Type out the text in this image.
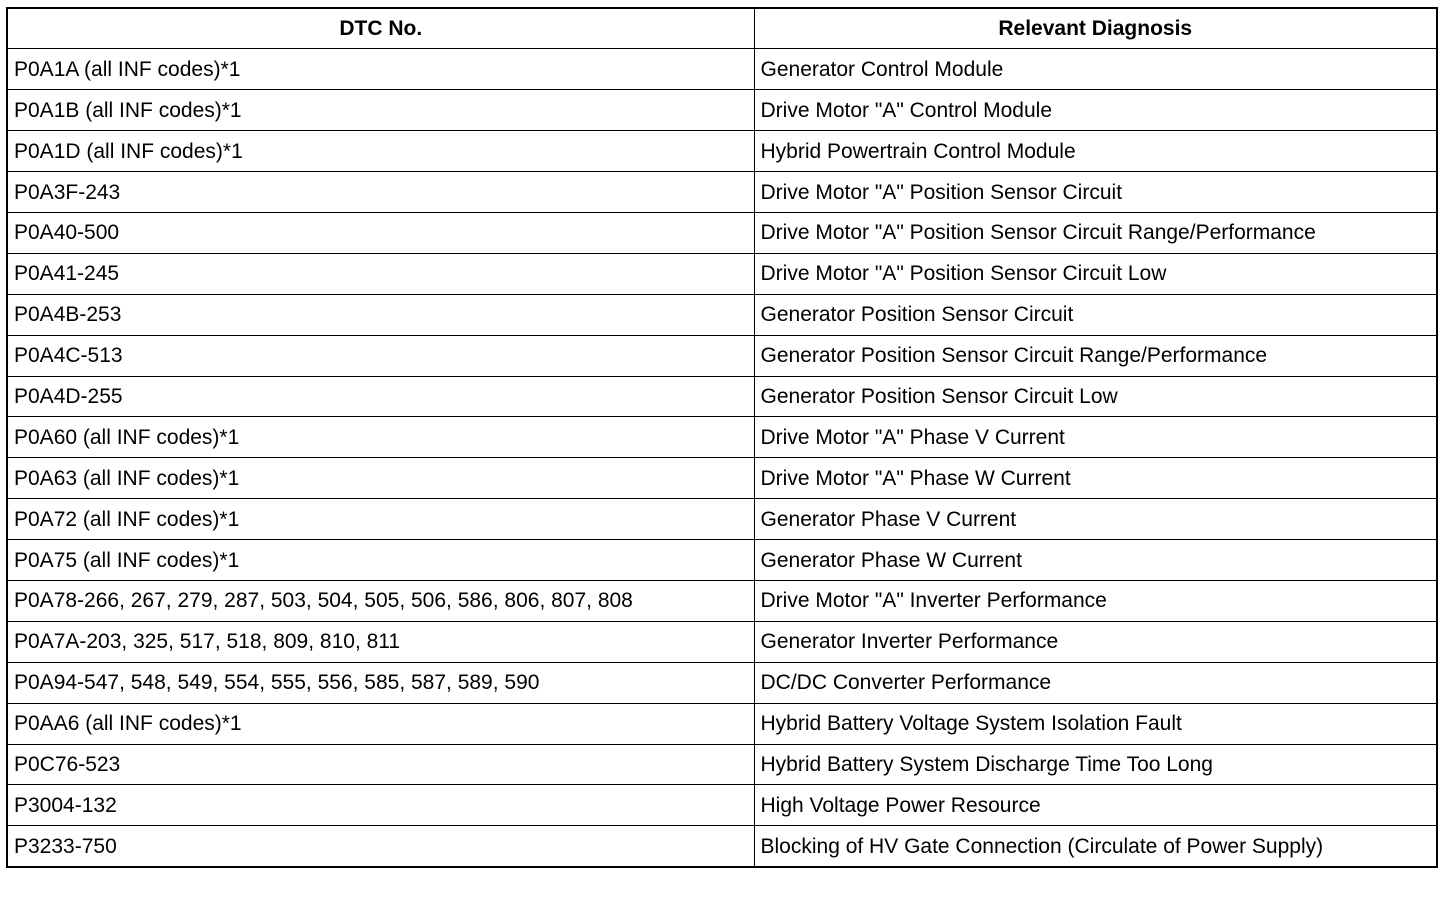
DTC No.	Relevant Diagnosis
P0A1A (all INF codes)*1	Generator Control Module
P0A1B (all INF codes)*1	Drive Motor "A" Control Module
P0A1D (all INF codes)*1	Hybrid Powertrain Control Module
P0A3F-243	Drive Motor "A" Position Sensor Circuit
P0A40-500	Drive Motor "A" Position Sensor Circuit Range/Performance
P0A41-245	Drive Motor "A" Position Sensor Circuit Low
P0A4B-253	Generator Position Sensor Circuit
P0A4C-513	Generator Position Sensor Circuit Range/Performance
P0A4D-255	Generator Position Sensor Circuit Low
P0A60 (all INF codes)*1	Drive Motor "A" Phase V Current
P0A63 (all INF codes)*1	Drive Motor "A" Phase W Current
P0A72 (all INF codes)*1	Generator Phase V Current
P0A75 (all INF codes)*1	Generator Phase W Current
P0A78-266, 267, 279, 287, 503, 504, 505, 506, 586, 806, 807, 808	Drive Motor "A" Inverter Performance
P0A7A-203, 325, 517, 518, 809, 810, 811	Generator Inverter Performance
P0A94-547, 548, 549, 554, 555, 556, 585, 587, 589, 590	DC/DC Converter Performance
P0AA6 (all INF codes)*1	Hybrid Battery Voltage System Isolation Fault
P0C76-523	Hybrid Battery System Discharge Time Too Long
P3004-132	High Voltage Power Resource
P3233-750	Blocking of HV Gate Connection (Circulate of Power Supply)
